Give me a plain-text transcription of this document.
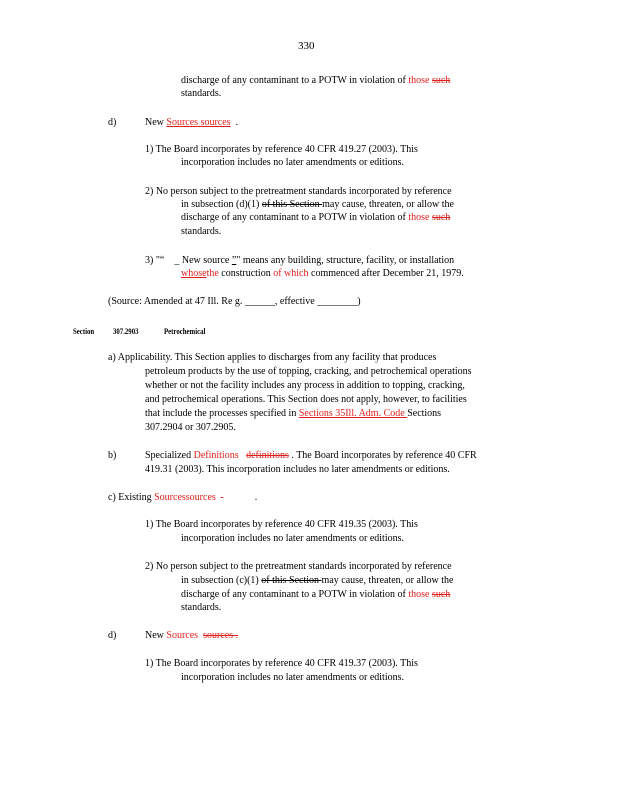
330
discharge of any contaminant to a POTW in violation of those such
standards.
d)	New Sources sources .
1) The Board incorporates by reference 40 CFR 419.27 (2003). This
incorporation includes no later amendments or editions.
2) No person subject to the pretreatment standards incorporated by reference
in subsection (d)(1) of this Section may cause, threaten, or allow the
discharge of any contaminant to a POTW in violation of those such
standards.
3) "“ _ New source ”" means any building, structure, facility, or installation
whosethe construction of which commenced after December 21, 1979.
(Source: Amended at 47 Ill. Re g. ______, effective ________)
Section 307.2903	Petrochemical
a) Applicability. This Section applies to discharges from any facility that produces
petroleum products by the use of topping, cracking, and petrochemical operations
whether or not the facility includes any process in addition to topping, cracking,
and petrochemical operations. This Section does not apply, however, to facilities
that include the processes specified in Sections 35Ill. Adm. Code Sections
307.2904 or 307.2905.
b)	Specialized Definitions   definitions . The Board incorporates by reference 40 CFR
419.31 (2003). This incorporation includes no later amendments or editions.
c) Existing Sourcessources	.
1) The Board incorporates by reference 40 CFR 419.35 (2003). This
incorporation includes no later amendments or editions.
2) No person subject to the pretreatment standards incorporated by reference
in subsection (c)(1) of this Section may cause, threaten, or allow the
discharge of any contaminant to a POTW in violation of those such
standards.
d)	New Sources  sources .
1) The Board incorporates by reference 40 CFR 419.37 (2003). This
incorporation includes no later amendments or editions.
